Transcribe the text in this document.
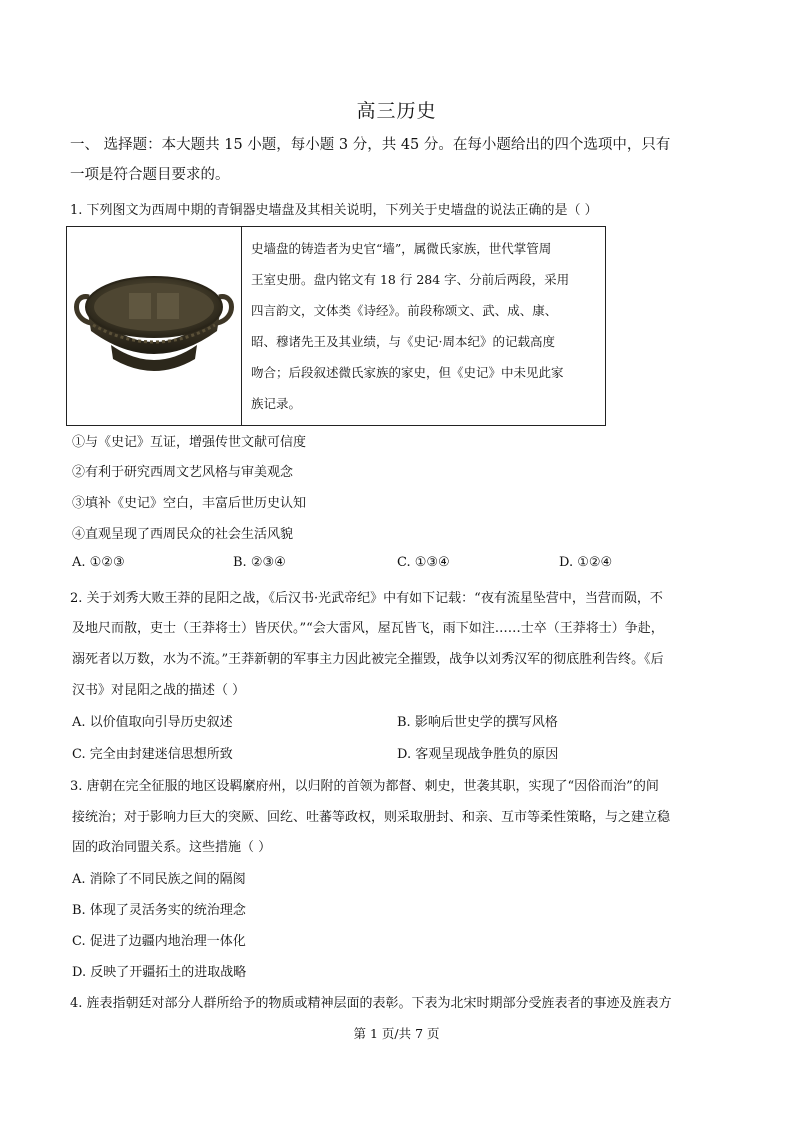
高三历史
一、 选择题：本大题共 15 小题，每小题 3 分，共 45 分。在每小题给出的四个选项中，只有
一项是符合题目要求的。
1. 下列图文为西周中期的青铜器史墙盘及其相关说明，下列关于史墙盘的说法正确的是（ ）

史墙盘的铸造者为史官“墙”，属微氏家族，世代掌管周
王室史册。盘内铭文有 18 行 284 字、分前后两段，采用
四言韵文，文体类《诗经》。前段称颂文、武、成、康、
昭、穆诸先王及其业绩，与《史记·周本纪》的记载高度
吻合；后段叙述微氏家族的家史，但《史记》中未见此家
族记录。
①与《史记》互证，增强传世文献可信度
②有利于研究西周文艺风格与审美观念
③填补《史记》空白，丰富后世历史认知
④直观呈现了西周民众的社会生活风貌
A. ①②③	B. ②③④	C. ①③④	D. ①②④
2. 关于刘秀大败王莽的昆阳之战，《后汉书·光武帝纪》中有如下记载：“夜有流星坠营中，当营而陨，不
及地尺而散，吏士（王莽将士）皆厌伏。”“会大雷风，屋瓦皆飞，雨下如注……士卒（王莽将士）争赴，
溺死者以万数，水为不流。”王莽新朝的军事主力因此被完全摧毁，战争以刘秀汉军的彻底胜利告终。《后
汉书》对昆阳之战的描述（ ）
A. 以价值取向引导历史叙述	B. 影响后世史学的撰写风格
C. 完全由封建迷信思想所致	D. 客观呈现战争胜负的原因
3. 唐朝在完全征服的地区设羁縻府州，以归附的首领为都督、刺史，世袭其职，实现了“因俗而治”的间
接统治；对于影响力巨大的突厥、回纥、吐蕃等政权，则采取册封、和亲、互市等柔性策略，与之建立稳
固的政治同盟关系。这些措施（ ）
A. 消除了不同民族之间的隔阂
B. 体现了灵活务实的统治理念
C. 促进了边疆内地治理一体化
D. 反映了开疆拓土的进取战略
4. 旌表指朝廷对部分人群所给予的物质或精神层面的表彰。下表为北宋时期部分受旌表者的事迹及旌表方
第 1 页/共 7 页
